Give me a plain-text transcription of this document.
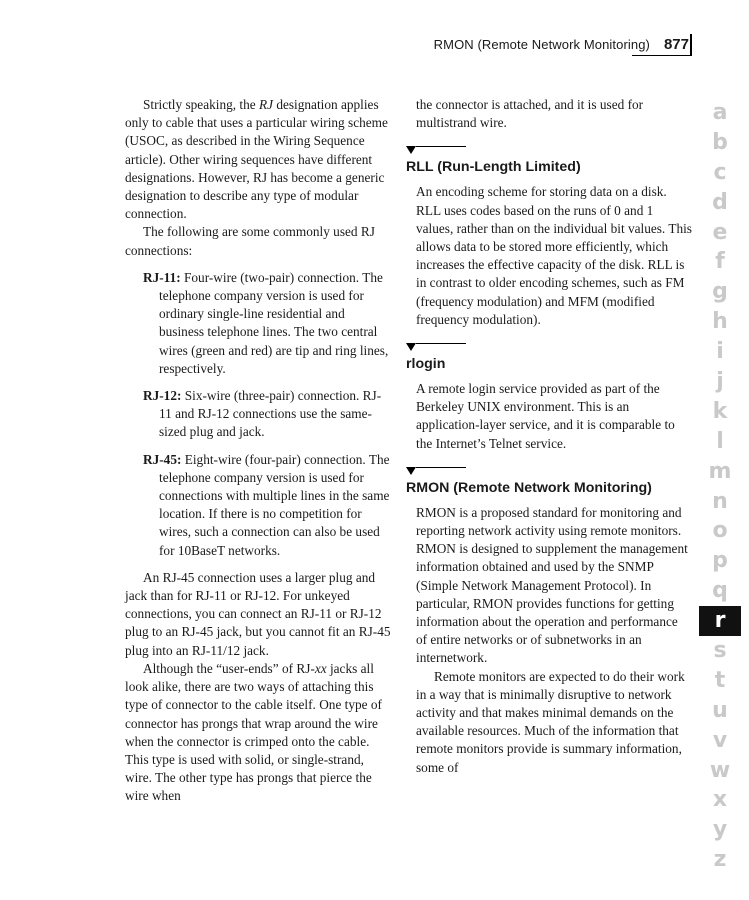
RMON (Remote Network Monitoring) 877

Strictly speaking, the RJ designation applies only to cable that uses a particular wiring scheme (USOC, as described in the Wiring Sequence article). Other wiring sequences have different designations. However, RJ has become a generic designation to describe any type of modular connection.

The following are some commonly used RJ connections:

RJ-11: Four-wire (two-pair) connection. The telephone company version is used for ordinary single-line residential and business telephone lines. The two central wires (green and red) are tip and ring lines, respectively.

RJ-12: Six-wire (three-pair) connection. RJ-11 and RJ-12 connections use the same-sized plug and jack.

RJ-45: Eight-wire (four-pair) connection. The telephone company version is used for connections with multiple lines in the same location. If there is no competition for wires, such a connection can also be used for 10BaseT networks.

An RJ-45 connection uses a larger plug and jack than for RJ-11 or RJ-12. For unkeyed connections, you can connect an RJ-11 or RJ-12 plug to an RJ-45 jack, but you cannot fit an RJ-45 plug into an RJ-11/12 jack.

Although the “user-ends” of RJ-xx jacks all look alike, there are two ways of attaching this type of connector to the cable itself. One type of connector has prongs that wrap around the wire when the connector is crimped onto the cable. This type is used with solid, or single-strand, wire. The other type has prongs that pierce the wire when

the connector is attached, and it is used for multistrand wire.

RLL (Run-Length Limited)

An encoding scheme for storing data on a disk. RLL uses codes based on the runs of 0 and 1 values, rather than on the individual bit values. This allows data to be stored more efficiently, which increases the effective capacity of the disk. RLL is in contrast to older encoding schemes, such as FM (frequency modulation) and MFM (modified frequency modulation).

rlogin

A remote login service provided as part of the Berkeley UNIX environment. This is an application-layer service, and it is comparable to the Internet’s Telnet service.

RMON (Remote Network Monitoring)

RMON is a proposed standard for monitoring and reporting network activity using remote monitors. RMON is designed to supplement the management information obtained and used by the SNMP (Simple Network Management Protocol). In particular, RMON provides functions for getting information about the operation and performance of entire networks or of subnetworks in an internetwork.

Remote monitors are expected to do their work in a way that is minimally disruptive to network activity and that makes minimal demands on the available resources. Much of the information that remote monitors provide is summary information, some of

a
b
c
d
e
f
g
h
i
j
k
l
m
n
o
p
q
r
s
t
u
v
w
x
y
z
